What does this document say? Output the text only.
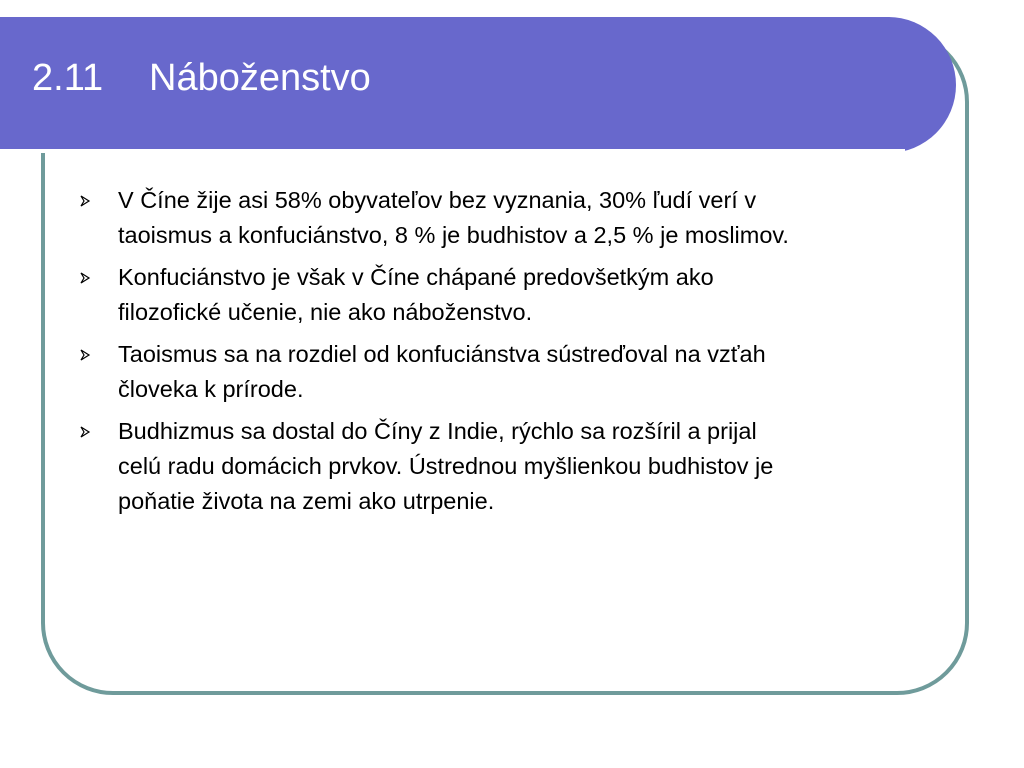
2.11 Náboženstvo
V Číne žije asi 58% obyvateľov bez vyznania, 30% ľudí verí v
taoismus a konfuciánstvo, 8 % je budhistov a 2,5 % je moslimov.
Konfuciánstvo je však v Číne chápané predovšetkým ako
filozofické učenie, nie ako náboženstvo.
Taoismus sa na rozdiel od konfuciánstva sústreďoval na vzťah
človeka k prírode.
Budhizmus sa dostal do Číny z Indie, rýchlo sa rozšíril a prijal
celú radu domácich prvkov. Ústrednou myšlienkou budhistov je
poňatie života na zemi ako utrpenie.
